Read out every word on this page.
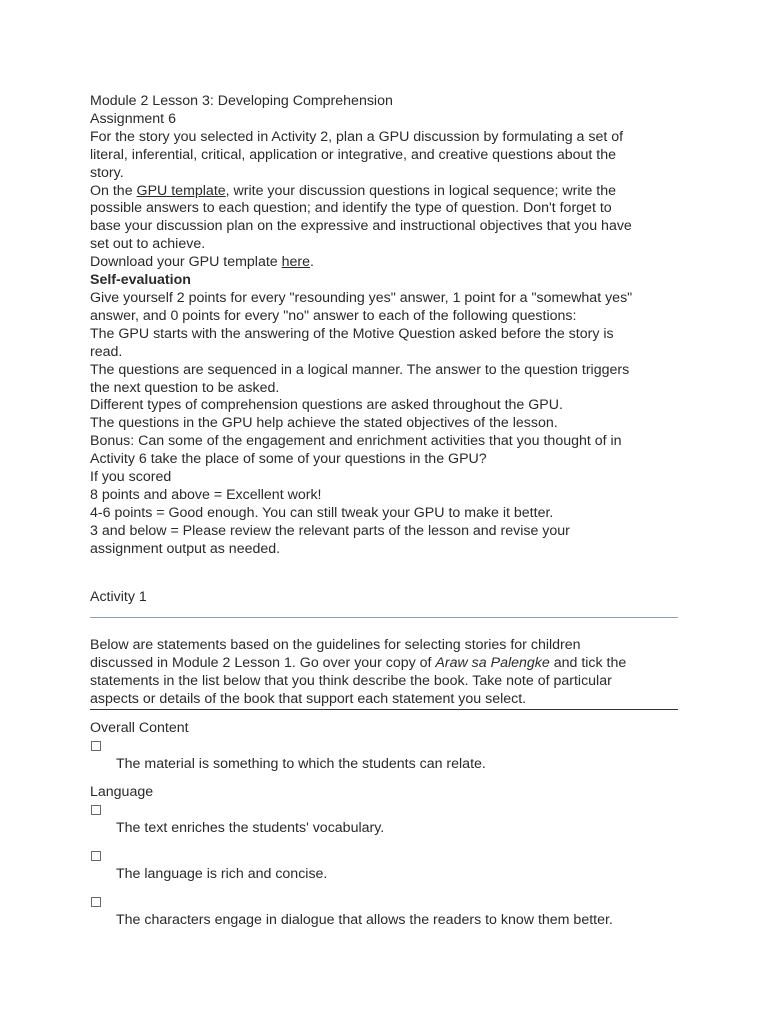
Module 2 Lesson 3: Developing Comprehension
Assignment 6
For the story you selected in Activity 2, plan a GPU discussion by formulating a set of
literal, inferential, critical, application or integrative, and creative questions about the
story.
On the GPU template, write your discussion questions in logical sequence; write the
possible answers to each question; and identify the type of question. Don't forget to
base your discussion plan on the expressive and instructional objectives that you have
set out to achieve.
Download your GPU template here.
Self-evaluation
Give yourself 2 points for every "resounding yes" answer, 1 point for a "somewhat yes"
answer, and 0 points for every "no" answer to each of the following questions:
The GPU starts with the answering of the Motive Question asked before the story is
read.
The questions are sequenced in a logical manner. The answer to the question triggers
the next question to be asked.
Different types of comprehension questions are asked throughout the GPU.
The questions in the GPU help achieve the stated objectives of the lesson.
Bonus: Can some of the engagement and enrichment activities that you thought of in
Activity 6 take the place of some of your questions in the GPU?
If you scored
8 points and above = Excellent work!
4-6 points = Good enough. You can still tweak your GPU to make it better.
3 and below = Please review the relevant parts of the lesson and revise your
assignment output as needed.
Activity 1
Below are statements based on the guidelines for selecting stories for children
discussed in Module 2 Lesson 1. Go over your copy of Araw sa Palengke and tick the
statements in the list below that you think describe the book. Take note of particular
aspects or details of the book that support each statement you select.
Overall Content
The material is something to which the students can relate.
Language
The text enriches the students' vocabulary.
The language is rich and concise.
The characters engage in dialogue that allows the readers to know them better.
